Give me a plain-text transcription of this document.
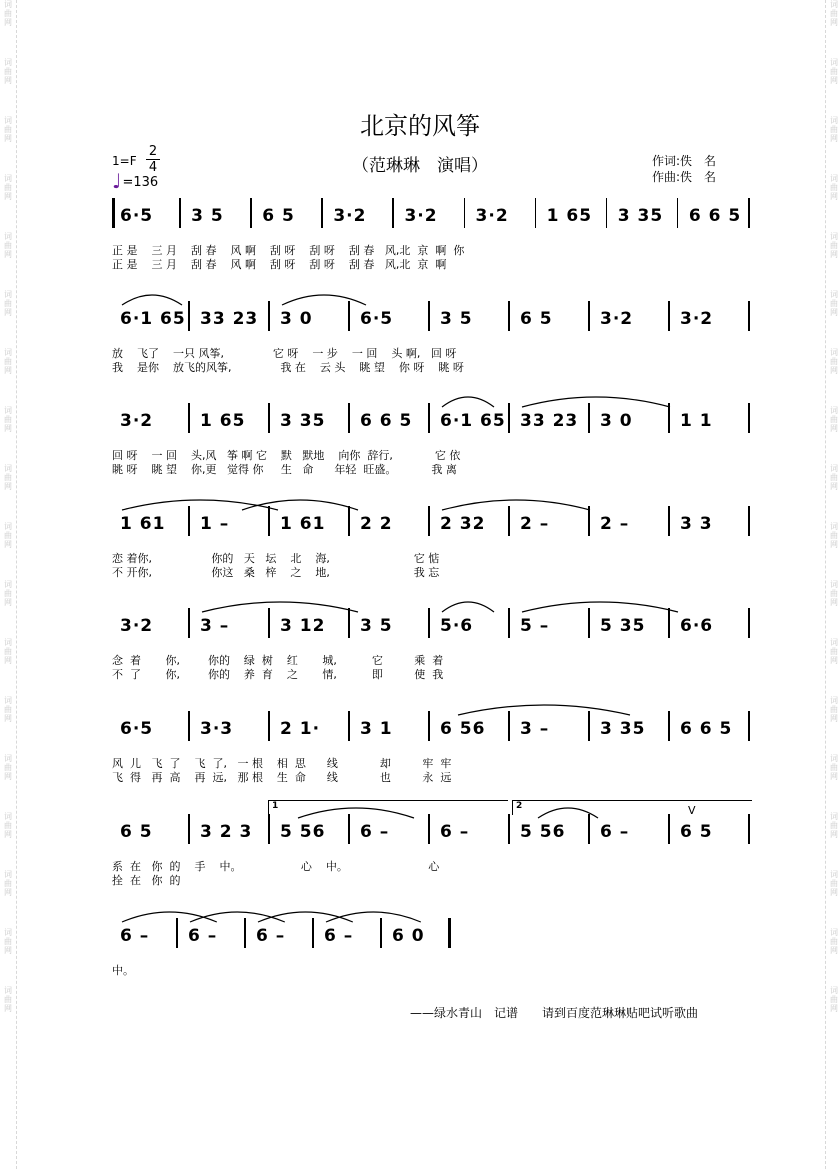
词
曲
网
词
曲
网
词
曲
网
词
曲
网
词
曲
网
词
曲
网
词
曲
网
词
曲
网
词
曲
网
词
曲
网
词
曲
网
词
曲
网
词
曲
网
词
曲
网
词
曲
网
词
曲
网
词
曲
网
词
曲
网
词
曲
网
词
曲
网
词
曲
网
词
曲
网
词
曲
网
词
曲
网
词
曲
网
词
曲
网
词
曲
网
词
曲
网
词
曲
网
词
曲
网
词
曲
网
词
曲
网
词
曲
网
词
曲
网
词
曲
网
词
曲
网
北京的风筝
（范琳琳　演唱）
1=F
2
4
♩ =136
作词:佚　名
作曲:佚　名
6·5 3 5 6 5 3·2 3·2 3·2 1 65 3 35 6 6 5
正 是    三 月    刮 春    风 啊    刮 呀    刮 呀    刮 春   风,北  京  啊  你
正 是    三 月    刮 春    风 啊    刮 呀    刮 呀    刮 春   风,北  京  啊
6·1 65 33 23 3 0	6·5	3 5	6 5	3·2	3·2
放    飞了    一只 风筝,              它 呀    一 步    一 回    头 啊,   回 呀
我    是你    放飞的风筝,              我 在    云 头    眺 望    你 呀    眺 呀
3·2	1 65 3 35 6 6 5 6·1 65 33 23 3 0	1 1
回 呀    一 回    头,风   筝 啊 它    默   默地    向你  辞行,            它 依
眺 呀    眺 望    你,更   觉得 你     生   命      年轻  旺盛。          我 离
1 61 1 –	1 61 2 2	2 32 2 –	2 –	3 3
恋 着你,                 你的   天   坛    北    海,                        它 惦
不 开你,                 你这   桑   梓    之    地,                        我 忘
3·2	3 –	3 12 3 5	5·6	5 –	5 35 6·6
念  着       你,        你的    绿  树    红       城,          它         乘  着
不  了       你,        你的    养  育    之       情,          即         使  我
6·5	3·3	2 1· 3 1	6 56 3 –	3 35 6 6 5
风  儿   飞  了    飞  了,   一 根    相  思      线            却         牢  牢
飞  得   再  高    再  远,   那 根    生  命      线            也         永  远
6 5	3 2 3 5 56 6 –	6 –	5 56 6 –	6 5
1	2	V
系  在   你  的    手    中。                 心    中。                       心
拴  在   你  的
6 – 6 – 6 – 6 – 6 0
中。
——绿水青山　记谱　　请到百度范琳琳贴吧试听歌曲
